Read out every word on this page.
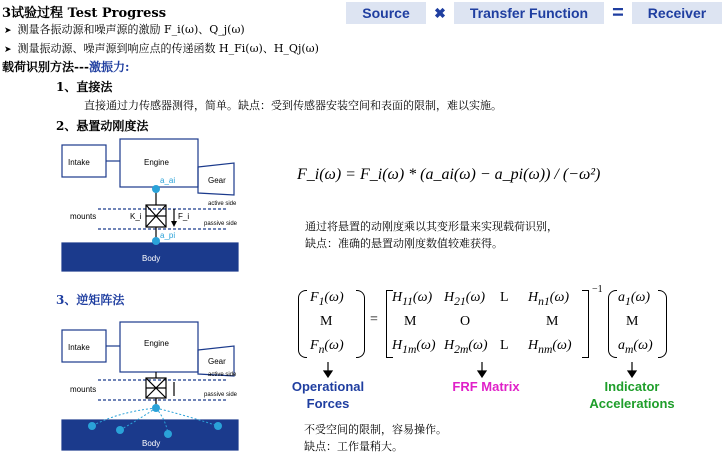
3试验过程 Test Progress	Source	✖	Transfer Function	=	Receiver
➤ 测量各振动源和噪声源的激励 F_i(ω)、Q_j(ω)
➤ 测量振动源、噪声源到响应点的传递函数 H_Fi(ω)、H_Qj(ω)
载荷识别方法---激振力:
1、直接法
直接通过力传感器测得，简单。缺点：受到传感器安装空间和表面的限制，难以实施。
2、悬置动刚度法
Intake	Engine
Gear
mounts	K_i	F_i
a_ai
a_pi
active side
passive side
Body
F_i(ω) = F_i(ω) * (a_ai(ω) − a_pi(ω)) / (−ω²)
通过将悬置的动刚度乘以其变形量来实现载荷识别，
缺点：准确的悬置动刚度数值较难获得。
3、逆矩阵法
Intake	Engine
Gear
mounts
active side
passive side
Body
$F_1(\omega)$
M
$F_n(\omega)$
=
$H_{11}(\omega)$ $H_{21}(\omega)$ L $H_{n1}(\omega)$
M	O	M
$H_{1m}(\omega)$ $H_{2m}(\omega)$ L $H_{nm}(\omega)$
−1
$a_1(\omega)$
M
$a_m(\omega)$
Operational Forces
FRF Matrix	Indicator Accelerations
不受空间的限制，容易操作。
缺点：工作量稍大。
